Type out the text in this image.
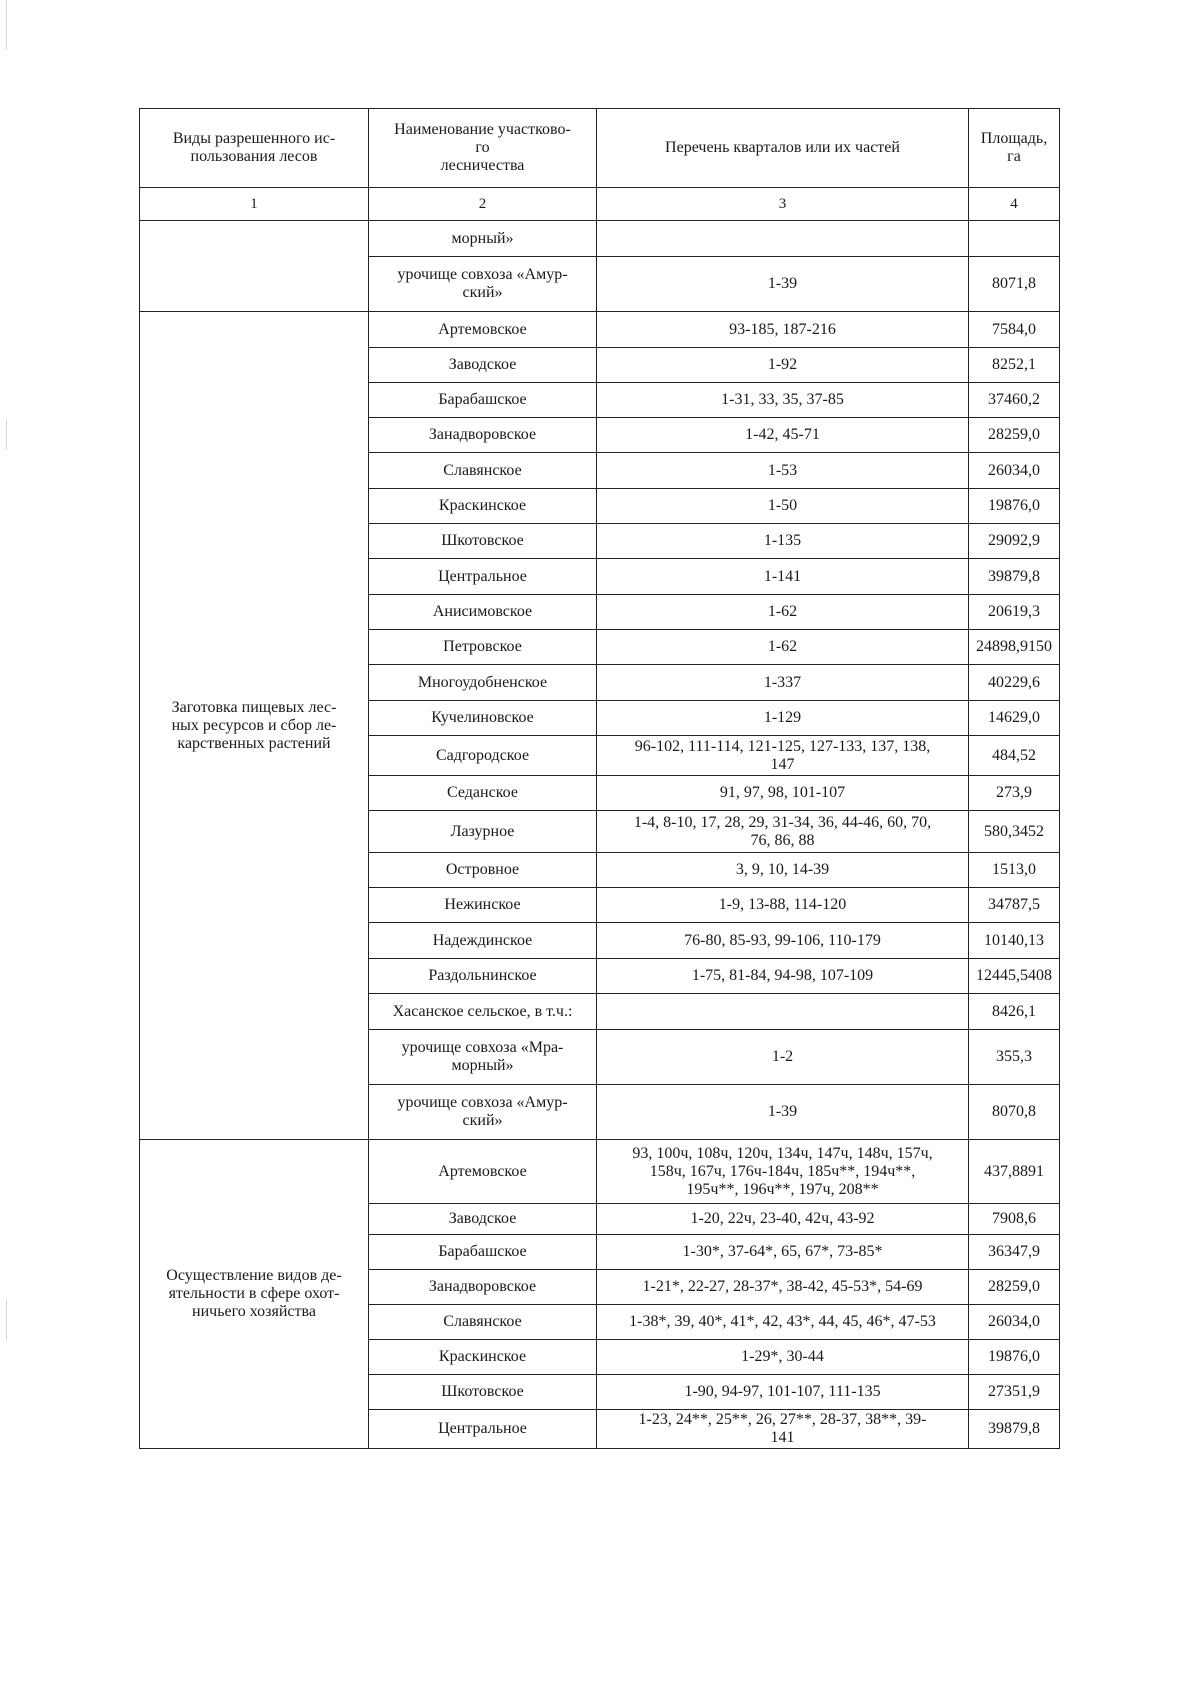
Виды разрешенного ис-
пользования лесов	Наименование участково-
го
лесничества	Перечень кварталов или их частей	Площадь,
га
1	2	3	4
	морный»		
	урочище совхоза «Амур-
ский»	1-39	8071,8
Заготовка пищевых лес-
ных ресурсов и сбор ле-
карственных растений	Артемовское	93-185, 187-216	7584,0
	Заводское	1-92	8252,1
	Барабашское	1-31, 33, 35, 37-85	37460,2
	Занадворовское	1-42, 45-71	28259,0
	Славянское	1-53	26034,0
	Краскинское	1-50	19876,0
	Шкотовское	1-135	29092,9
	Центральное	1-141	39879,8
	Анисимовское	1-62	20619,3
	Петровское	1-62	24898,9150
	Многоудобненское	1-337	40229,6
	Кучелиновское	1-129	14629,0
	Садгородское	96-102, 111-114, 121-125, 127-133, 137, 138,
147	484,52
	Седанское	91, 97, 98, 101-107	273,9
	Лазурное	1-4, 8-10, 17, 28, 29, 31-34, 36, 44-46, 60, 70,
76, 86, 88	580,3452
	Островное	3, 9, 10, 14-39	1513,0
	Нежинское	1-9, 13-88, 114-120	34787,5
	Надеждинское	76-80, 85-93, 99-106, 110-179	10140,13
	Раздольнинское	1-75, 81-84, 94-98, 107-109	12445,5408
	Хасанское сельское, в т.ч.:		8426,1
	урочище совхоза «Мра-
морный»	1-2	355,3
	урочище совхоза «Амур-
ский»	1-39	8070,8
Осуществление видов де-
ятельности в сфере охот-
ничьего хозяйства	Артемовское	93, 100ч, 108ч, 120ч, 134ч, 147ч, 148ч, 157ч,
158ч, 167ч, 176ч-184ч, 185ч**, 194ч**,
195ч**, 196ч**, 197ч, 208**	437,8891
	Заводское	1-20, 22ч, 23-40, 42ч, 43-92	7908,6
	Барабашское	1-30*, 37-64*, 65, 67*, 73-85*	36347,9
	Занадворовское	1-21*, 22-27, 28-37*, 38-42, 45-53*, 54-69	28259,0
	Славянское	1-38*, 39, 40*, 41*, 42, 43*, 44, 45, 46*, 47-53	26034,0
	Краскинское	1-29*, 30-44	19876,0
	Шкотовское	1-90, 94-97, 101-107, 111-135	27351,9
	Центральное	1-23, 24**, 25**, 26, 27**, 28-37, 38**, 39-
141	39879,8
